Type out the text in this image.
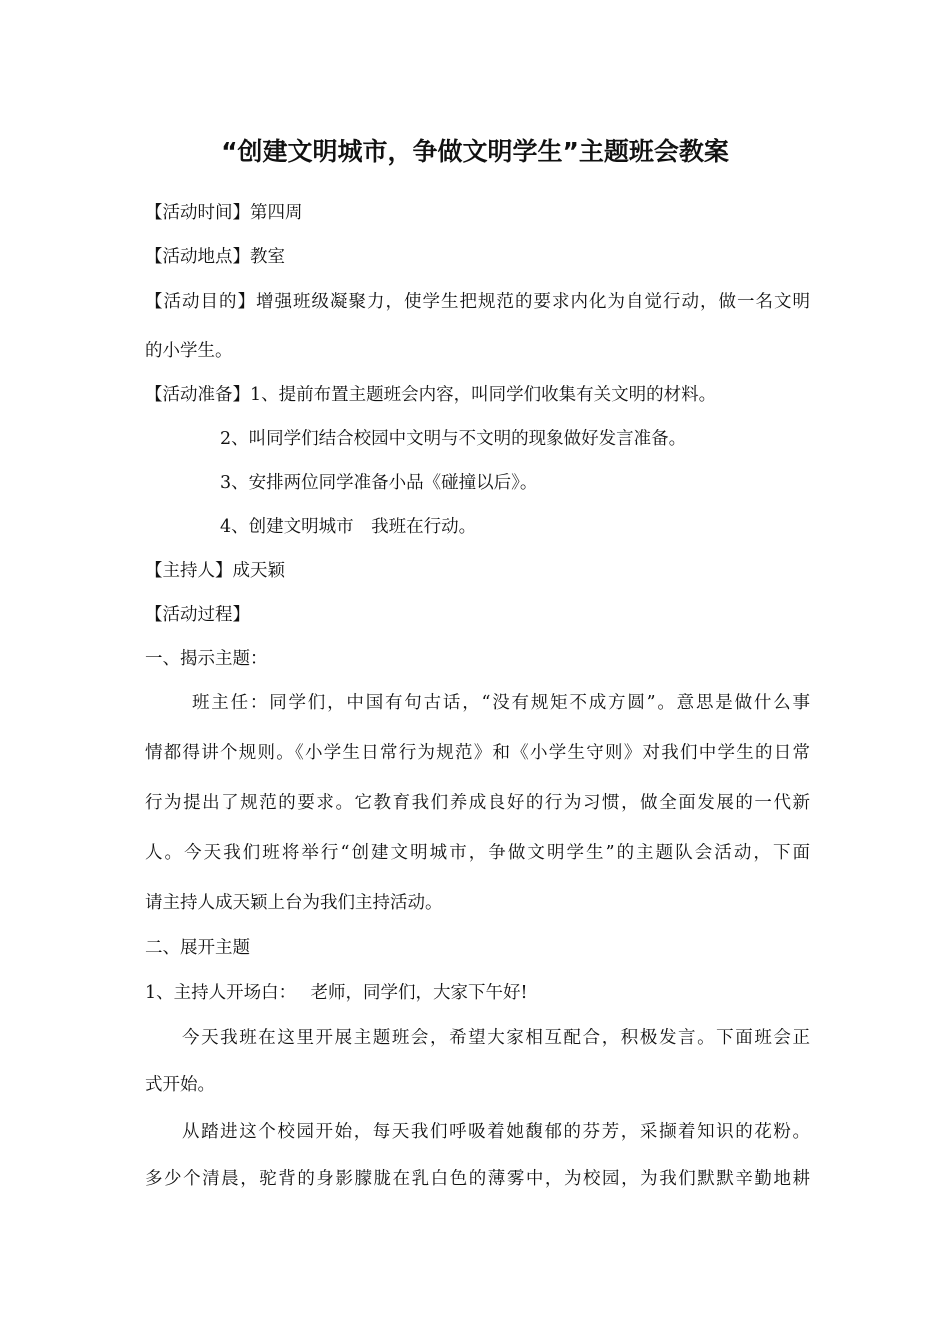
“创建文明城市，争做文明学生”主题班会教案
【活动时间】第四周
【活动地点】教室
【活动目的】增强班级凝聚力，使学生把规范的要求内化为自觉行动，做一名文明
的小学生。
【活动准备】1、提前布置主题班会内容，叫同学们收集有关文明的材料。
2、叫同学们结合校园中文明与不文明的现象做好发言准备。
3、安排两位同学准备小品《碰撞以后》。
4、创建文明城市　我班在行动。
【主持人】成天颖
【活动过程】
一、揭示主题：
班主任：同学们，中国有句古话，“没有规矩不成方圆”。意思是做什么事
情都得讲个规则。《小学生日常行为规范》和《小学生守则》对我们中学生的日常
行为提出了规范的要求。它教育我们养成良好的行为习惯，做全面发展的一代新
人。今天我们班将举行“创建文明城市，争做文明学生”的主题队会活动，下面
请主持人成天颖上台为我们主持活动。
二、展开主题
1、主持人开场白：　 老师，同学们，大家下午好!
今天我班在这里开展主题班会，希望大家相互配合，积极发言。下面班会正
式开始。
从踏进这个校园开始，每天我们呼吸着她馥郁的芬芳，采撷着知识的花粉。
多少个清晨，驼背的身影朦胧在乳白色的薄雾中，为校园，为我们默默辛勤地耕
